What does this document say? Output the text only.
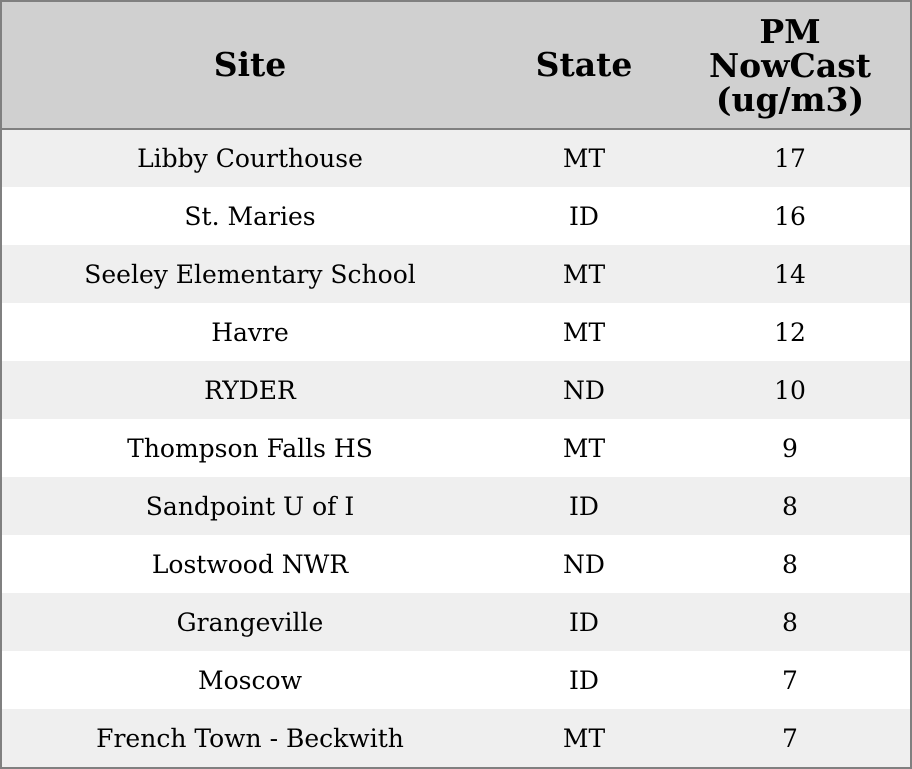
Site	State	PM
NowCast
(ug/m3)
Libby Courthouse	MT	17
St. Maries	ID	16
Seeley Elementary School	MT	14
Havre	MT	12
RYDER	ND	10
Thompson Falls HS	MT	9
Sandpoint U of I	ID	8
Lostwood NWR	ND	8
Grangeville	ID	8
Moscow	ID	7
French Town - Beckwith	MT	7
